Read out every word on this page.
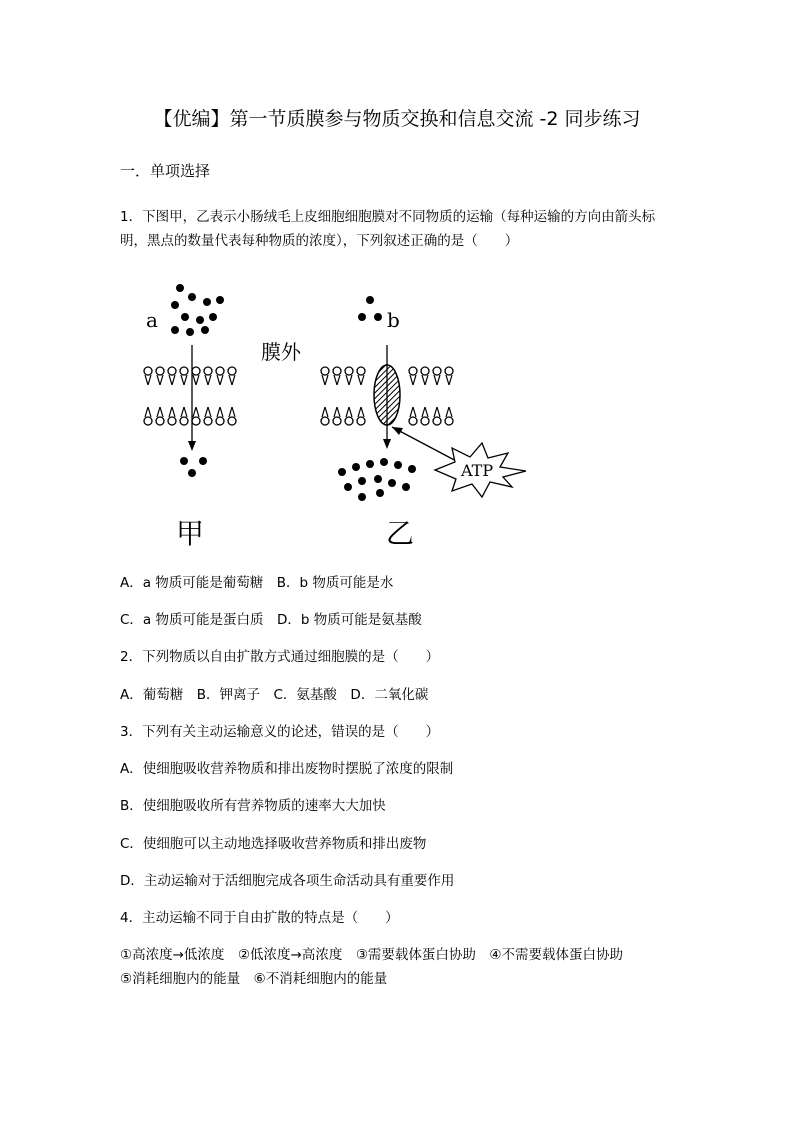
【优编】第一节质膜参与物质交换和信息交流 -2 同步练习
一．单项选择
1．下图甲，乙表示小肠绒毛上皮细胞细胞膜对不同物质的运输（每种运输的方向由箭头标明，黑点的数量代表每种物质的浓度），下列叙述正确的是（　　）
a
膜外
b
ATP
甲	乙
A．a 物质可能是葡萄糖　B．b 物质可能是水
C．a 物质可能是蛋白质　D．b 物质可能是氨基酸
2．下列物质以自由扩散方式通过细胞膜的是（　　）
A．葡萄糖　B．钾离子　C．氨基酸　D．二氧化碳
3．下列有关主动运输意义的论述，错误的是（　　）
A．使细胞吸收营养物质和排出废物时摆脱了浓度的限制
B．使细胞吸收所有营养物质的速率大大加快
C．使细胞可以主动地选择吸收营养物质和排出废物
D．主动运输对于活细胞完成各项生命活动具有重要作用
4．主动运输不同于自由扩散的特点是（　　）
①高浓度→低浓度　②低浓度→高浓度　③需要载体蛋白协助　④不需要载体蛋白协助
⑤消耗细胞内的能量　⑥不消耗细胞内的能量
